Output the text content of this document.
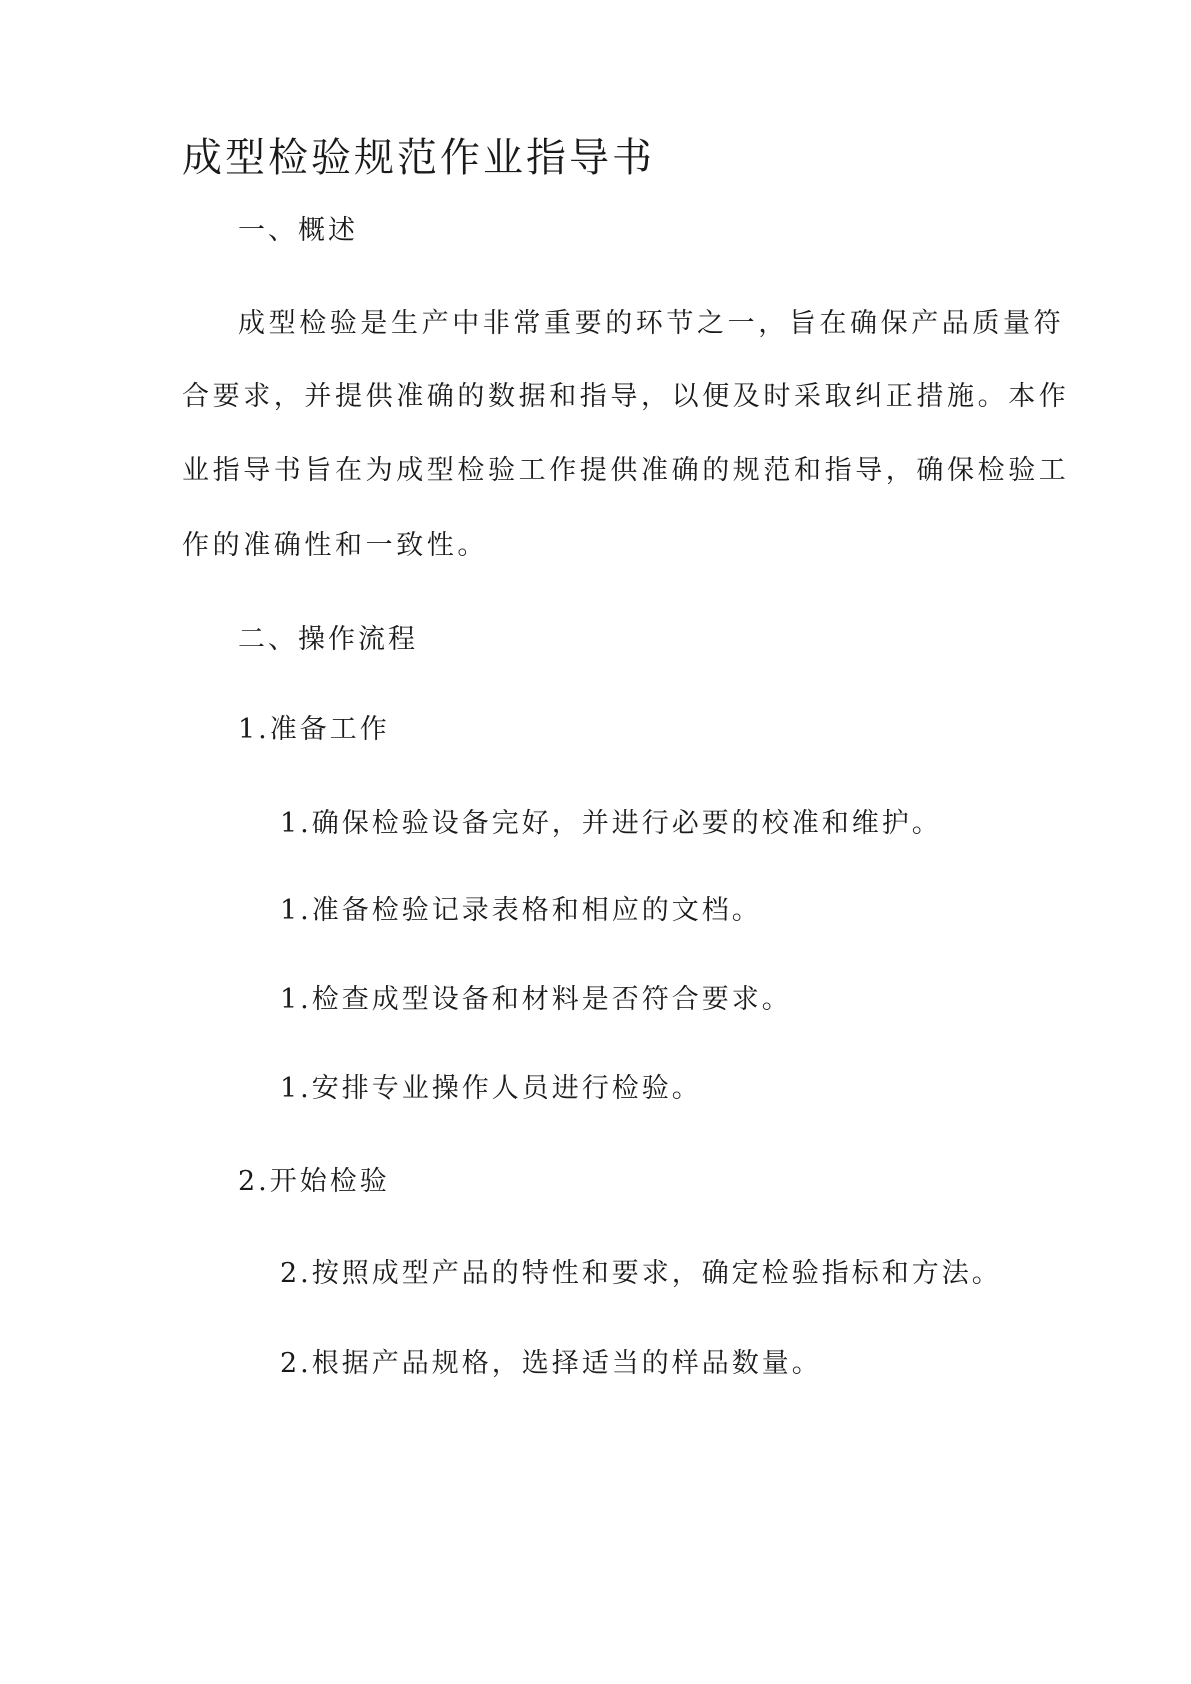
成型检验规范作业指导书
一、概述
成型检验是生产中非常重要的环节之一，旨在确保产品质量符
合要求，并提供准确的数据和指导，以便及时采取纠正措施。本作
业指导书旨在为成型检验工作提供准确的规范和指导，确保检验工
作的准确性和一致性。
二、操作流程
1.准备工作
1.确保检验设备完好，并进行必要的校准和维护。
1.准备检验记录表格和相应的文档。
1.检查成型设备和材料是否符合要求。
1.安排专业操作人员进行检验。
2.开始检验
2.按照成型产品的特性和要求，确定检验指标和方法。
2.根据产品规格，选择适当的样品数量。
